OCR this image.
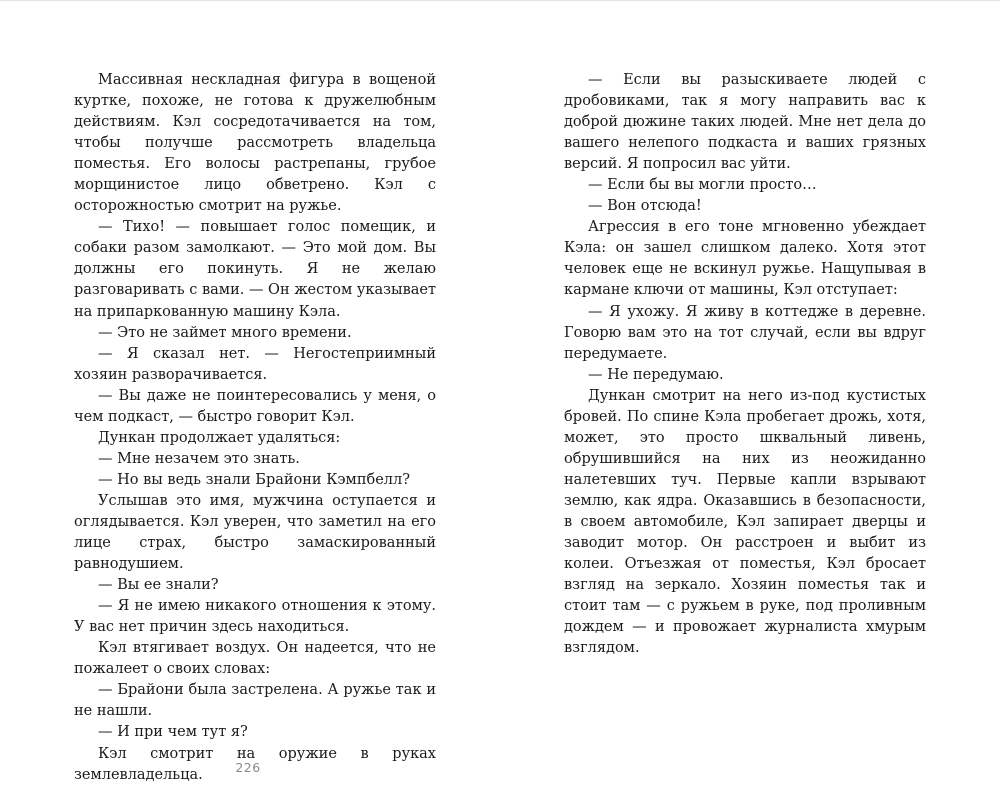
Массивная нескладная фигура в вощеной куртке, похоже, не готова к дружелюбным действиям. Кэл сосредотачивается на том, чтобы получше рассмотреть владельца поместья. Его волосы растрепаны, грубое морщинистое лицо обветрено. Кэл с осторожностью смотрит на ружье.

— Тихо! — повышает голос помещик, и собаки разом замолкают. — Это мой дом. Вы должны его покинуть. Я не желаю разговаривать с вами. — Он жестом указывает на припаркованную машину Кэла.

— Это не займет много времени.

— Я сказал нет. — Негостеприимный хозяин разворачивается.

— Вы даже не поинтересовались у меня, о чем подкаст, — быстро говорит Кэл.

Дункан продолжает удаляться:

— Мне незачем это знать.

— Но вы ведь знали Брайони Кэмпбелл?

Услышав это имя, мужчина оступается и оглядывается. Кэл уверен, что заметил на его лице страх, быстро замаскированный равнодушием.

— Вы ее знали?

— Я не имею никакого отношения к этому. У вас нет причин здесь находиться.

Кэл втягивает воздух. Он надеется, что не пожалеет о своих словах:

— Брайони была застрелена. А ружье так и не нашли.

— И при чем тут я?

Кэл смотрит на оружие в руках землевладельца.

— Если вы разыскиваете людей с дробовиками, так я могу направить вас к доброй дюжине таких людей. Мне нет дела до вашего нелепого подкаста и ваших грязных версий. Я попросил вас уйти.

— Если бы вы могли просто…

— Вон отсюда!

Агрессия в его тоне мгновенно убеждает Кэла: он зашел слишком далеко. Хотя этот человек еще не вскинул ружье. Нащупывая в кармане ключи от машины, Кэл отступает:

— Я ухожу. Я живу в коттедже в деревне. Говорю вам это на тот случай, если вы вдруг передумаете.

— Не передумаю.

Дункан смотрит на него из-под кустистых бровей. По спине Кэла пробегает дрожь, хотя, может, это просто шквальный ливень, обрушившийся на них из неожиданно налетевших туч. Первые капли взрывают землю, как ядра. Оказавшись в безопасности, в своем автомобиле, Кэл запирает дверцы и заводит мотор. Он расстроен и выбит из колеи. Отъезжая от поместья, Кэл бросает взгляд на зеркало. Хозяин поместья так и стоит там — с ружьем в руке, под проливным дождем — и провожает журналиста хмурым взглядом.

226
